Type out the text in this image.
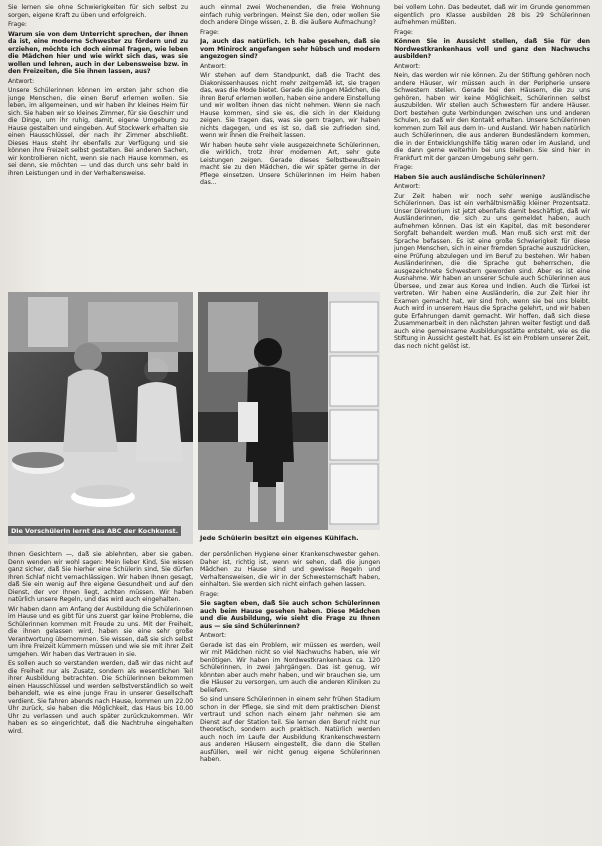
Sie lernen sie ohne Schwierigkeiten für sich selbst zu sorgen, eigene Kraft zu üben und erfolgreich.

Frage:

Warum sie von dem Unterricht sprechen, der ihnen da ist, eine moderne Schwester zu fördern und zu erziehen, möchte ich doch einmal fragen, wie leben die Mädchen hier und wie wirkt sich das, was sie wollen und lehren, auch in der Lebensweise bzw. in den Freizeiten, die Sie ihnen lassen, aus?

Antwort:

Unsere Schülerinnen können im ersten Jahr schon die junge Menschen, die einen Beruf erlernen wollen. Sie leben, im allgemeinen, und wir haben ihr kleines Heim für sich. Sie haben wir so kleines Zimmer, für sie Geschirr und die Dinge, um ihr ruhig, damit, eigene Umgebung zu Hause gestalten und eingeben. Auf Stockwerk erhalten sie einen Hausschlüssel, der nach ihr Zimmer abschließt. Dieses Haus steht ihr ebenfalls zur Verfügung und sie können ihre Freizeit selbst gestalten. Bei anderen Sachen, wir kontrollieren nicht, wenn sie nach Hause kommen, es sei denn, sie möchten — und das durch uns sehr bald in ihren Leistungen und in der Verhaltensweise.

auch einmal zwei Wochenenden, die freie Wohnung einfach ruhig verbringen. Meinst Sie den, oder wollen Sie doch andere Dinge wissen, z. B. die äußere Aufmachung?

Frage:

Ja, auch das natürlich. Ich habe gesehen, daß sie vom Minirock angefangen sehr hübsch und modern angezogen sind?

Antwort:

Wir stehen auf dem Standpunkt, daß die Tracht des Diakonissenhauses nicht mehr zeitgemäß ist, sie tragen das, was die Mode bietet. Gerade die jungen Mädchen, die ihren Beruf erlernen wollen, haben eine andere Einstellung und wir wollten ihnen das nicht nehmen. Wenn sie nach Hause kommen, sind sie es, die sich in der Kleidung zeigen. Sie tragen das, was sie gern tragen, wir haben nichts dagegen, und es ist so, daß sie zufrieden sind, wenn wir ihnen die Freiheit lassen.

Wir haben heute sehr viele ausgezeichnete Schülerinnen, die wirklich, trotz ihrer modernen Art, sehr gute Leistungen zeigen. Gerade dieses Selbstbewußtsein macht sie zu den Mädchen, die wir später gerne in der Pflege einsetzen. Unsere Schülerinnen im Heim haben das...

bei vollem Lohn. Das bedeutet, daß wir im Grunde genommen eigentlich pro Klasse ausbilden 28 bis 29 Schülerinnen aufnehmen müßten.

Frage:

Können Sie in Aussicht stellen, daß Sie für den Nordwestkrankenhaus voll und ganz den Nachwuchs ausbilden?

Antwort:

Nein, das werden wir nie können. Zu der Stiftung gehören noch andere Häuser, wir müssen auch in der Peripherie unsere Schwestern stellen. Gerade bei den Häusern, die zu uns gehören, haben wir keine Möglichkeit, Schülerinnen selbst auszubilden. Wir stellen auch Schwestern für andere Häuser. Dort bestehen gute Verbindungen zwischen uns und anderen Schulen, so daß wir den Kontakt erhalten. Unsere Schülerinnen kommen zum Teil aus dem In- und Ausland. Wir haben natürlich auch Schülerinnen, die aus anderen Bundesländern kommen, die in der Entwicklungshilfe tätig waren oder im Ausland, und die dann gerne weiterhin bei uns bleiben. Sie sind hier in Frankfurt mit der ganzen Umgebung sehr gern.

Frage:

Haben Sie auch ausländische Schülerinnen?

Antwort:

Zur Zeit haben wir noch sehr wenige ausländische Schülerinnen. Das ist ein verhältnismäßig kleiner Prozentsatz. Unser Direktorium ist jetzt ebenfalls damit beschäftigt, daß wir Ausländerinnen, die sich zu uns gemeldet haben, auch aufnehmen können. Das ist ein Kapitel, das mit besonderer Sorgfalt behandelt werden muß. Man muß sich erst mit der Sprache befassen. Es ist eine große Schwierigkeit für diese jungen Menschen, sich in einer fremden Sprache auszudrücken, eine Prüfung abzulegen und im Beruf zu bestehen. Wir haben Ausländerinnen, die die Sprache gut beherrschen, die ausgezeichnete Schwestern geworden sind. Aber es ist eine Ausnahme. Wir haben an unserer Schule auch Schülerinnen aus Übersee, und zwar aus Korea und Indien. Auch die Türkei ist vertreten. Wir haben eine Ausländerin, die zur Zeit hier ihr Examen gemacht hat, wir sind froh, wenn sie bei uns bleibt. Auch wird in unserem Haus die Sprache gelehrt, und wir haben gute Erfahrungen damit gemacht. Wir hoffen, daß sich diese Zusammenarbeit in den nächsten Jahren weiter festigt und daß auch eine gemeinsame Ausbildungsstätte entsteht, wie es die Stiftung in Aussicht gestellt hat. Es ist ein Problem unserer Zeit, das noch nicht gelöst ist.

Die Vorschülerin lernt das ABC der Kochkunst.
Jede Schülerin besitzt ein eigenes Kühlfach.

Ihnen Gesichtern —, daß sie ablehnten, aber sie gaben. Denn wenden wir wohl sagen: Mein lieber Kind, Sie wissen ganz sicher, daß Sie hierher eine Schülerin sind, Sie dürfen Ihren Schlaf nicht vernachlässigen. Wir haben Ihnen gesagt, daß Sie ein wenig auf Ihre eigene Gesundheit und auf den Dienst, der vor Ihnen liegt, achten müssen. Wir haben natürlich unsere Regeln, und das wird auch eingehalten.

Wir haben dann am Anfang der Ausbildung die Schülerinnen im Hause und es gibt für uns zuerst gar keine Probleme, die Schülerinnen kommen mit Freude zu uns. Mit der Freiheit, die ihnen gelassen wird, haben sie eine sehr große Verantwortung übernommen. Sie wissen, daß sie sich selbst um ihre Freizeit kümmern müssen und wie sie mit ihrer Zeit umgehen. Wir haben das Vertrauen in sie.

Es sollen auch so verstanden werden, daß wir das nicht auf die Freiheit nur als Zusatz, sondern als wesentlichen Teil ihrer Ausbildung betrachten. Die Schülerinnen bekommen einen Hausschlüssel und werden selbstverständlich so weit behandelt, wie es eine junge Frau in unserer Gesellschaft verdient. Sie fahren abends nach Hause, kommen um 22.00 Uhr zurück, sie haben die Möglichkeit, das Haus bis 10.00 Uhr zu verlassen und auch später zurückzukommen. Wir haben es so eingerichtet, daß die Nachtruhe eingehalten wird.

der persönlichen Hygiene einer Krankenschwester gehen. Daher ist, richtig ist, wenn wir sehen, daß die jungen Mädchen zu Hause sind und gewisse Regeln und Verhaltensweisen, die wir in der Schwesternschaft haben, einhalten. Sie werden sich nicht einfach gehen lassen.

Frage:

Sie sagten eben, daß Sie auch schon Schülerinnen auch beim Hause gesehen haben. Diese Mädchen und die Ausbildung, wie sieht die Frage zu Ihnen aus — sie sind Schülerinnen?

Antwort:

Gerade ist das ein Problem, wir müssen es werden, weil wir mit Mädchen nicht so viel Nachwuchs haben, wie wir benötigen. Wir haben im Nordwestkrankenhaus ca. 120 Schülerinnen, in zwei Jahrgängen. Das ist genug, wir könnten aber auch mehr haben, und wir brauchen sie, um die Häuser zu versorgen, um auch die anderen Kliniken zu beliefern.

So sind unsere Schülerinnen in einem sehr frühen Stadium schon in der Pflege, sie sind mit dem praktischen Dienst vertraut und schon nach einem Jahr nehmen sie am Dienst auf der Station teil. Sie lernen den Beruf nicht nur theoretisch, sondern auch praktisch. Natürlich werden auch noch im Laufe der Ausbildung Krankenschwestern aus anderen Häusern eingestellt, die dann die Stellen ausfüllen, weil wir nicht genug eigene Schülerinnen haben.
